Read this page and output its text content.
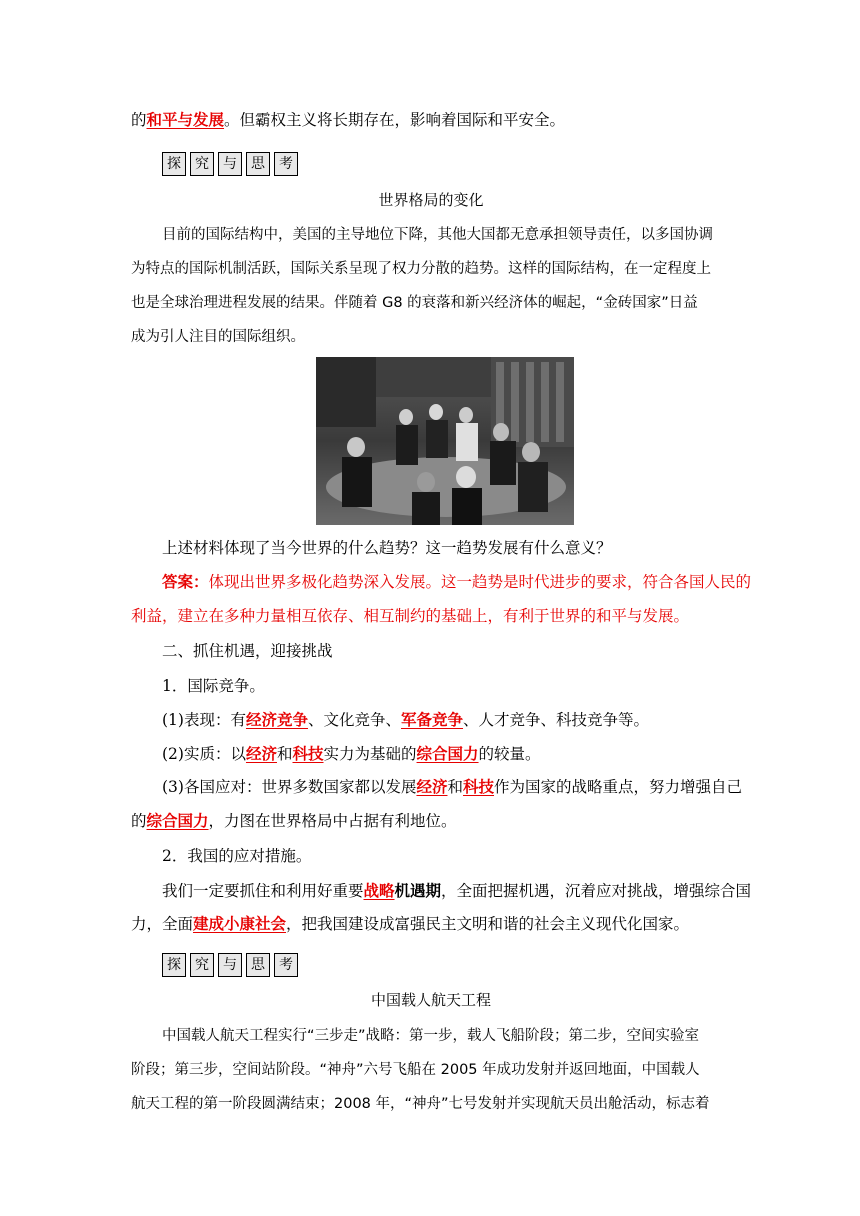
的和平与发展。但霸权主义将长期存在，影响着国际和平安全。
探	究	与	思	考
世界格局的变化
目前的国际结构中，美国的主导地位下降，其他大国都无意承担领导责任，以多国协调
为特点的国际机制活跃，国际关系呈现了权力分散的趋势。这样的国际结构，在一定程度上
也是全球治理进程发展的结果。伴随着 G8 的衰落和新兴经济体的崛起，“金砖国家”日益
成为引人注目的国际组织。
上述材料体现了当今世界的什么趋势？这一趋势发展有什么意义？
答案：体现出世界多极化趋势深入发展。这一趋势是时代进步的要求，符合各国人民的
利益，建立在多种力量相互依存、相互制约的基础上，有利于世界的和平与发展。
二、抓住机遇，迎接挑战
1．国际竞争。
(1)表现：有经济竞争、文化竞争、军备竞争、人才竞争、科技竞争等。
(2)实质：以经济和科技实力为基础的综合国力的较量。
(3)各国应对：世界多数国家都以发展经济和科技作为国家的战略重点，努力增强自己
的综合国力，力图在世界格局中占据有利地位。
2．我国的应对措施。
我们一定要抓住和利用好重要战略机遇期，全面把握机遇，沉着应对挑战，增强综合国
力，全面建成小康社会，把我国建设成富强民主文明和谐的社会主义现代化国家。
探	究	与	思	考
中国载人航天工程
中国载人航天工程实行“三步走”战略：第一步，载人飞船阶段；第二步，空间实验室
阶段；第三步，空间站阶段。“神舟”六号飞船在 2005 年成功发射并返回地面，中国载人
航天工程的第一阶段圆满结束；2008 年，“神舟”七号发射并实现航天员出舱活动，标志着
